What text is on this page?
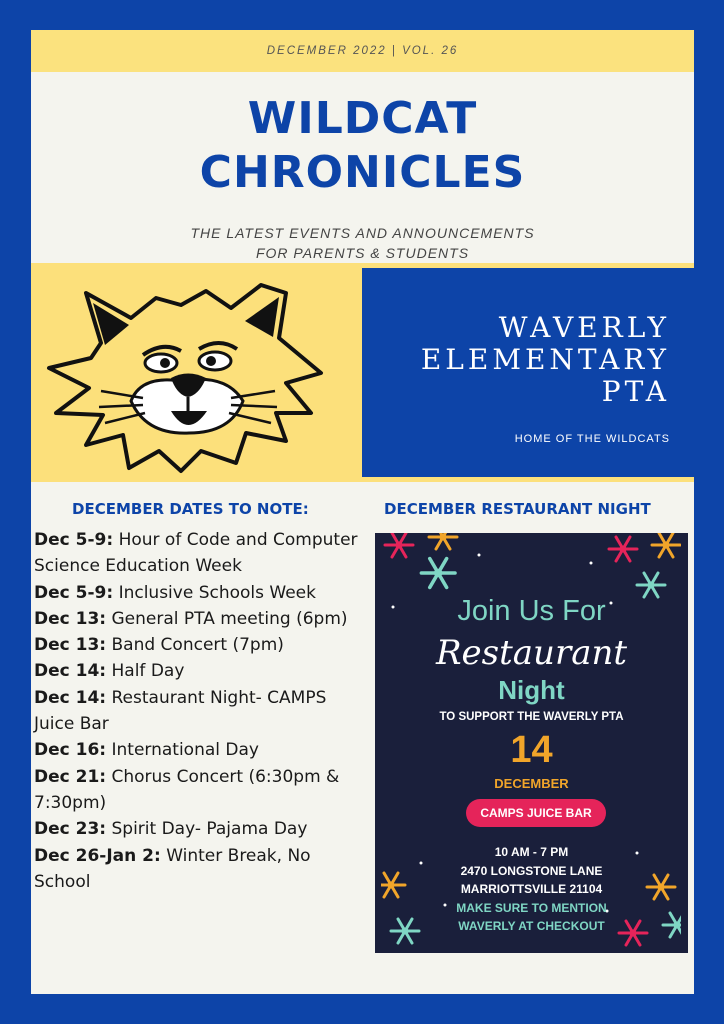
DECEMBER 2022 | VOL. 26
WILDCAT
CHRONICLES
THE LATEST EVENTS AND ANNOUNCEMENTS
FOR PARENTS & STUDENTS
WAVERLY
ELEMENTARY
PTA
HOME OF THE WILDCATS
DECEMBER DATES TO NOTE:	DECEMBER RESTAURANT NIGHT
Dec 5-9: Hour of Code and Computer Science Education Week
Dec 5-9: Inclusive Schools Week
Dec 13: General PTA meeting (6pm)
Dec 13: Band Concert (7pm)
Dec 14: Half Day
Dec 14: Restaurant Night- CAMPS Juice Bar
Dec 16: International Day
Dec 21: Chorus Concert (6:30pm & 7:30pm)
Dec 23: Spirit Day- Pajama Day
Dec 26-Jan 2: Winter Break, No School
Join Us For
Restaurant
Night
TO SUPPORT THE WAVERLY PTA
14
DECEMBER
CAMPS JUICE BAR
10 AM - 7 PM
2470 LONGSTONE LANE
MARRIOTTSVILLE 21104
MAKE SURE TO MENTION
WAVERLY AT CHECKOUT
